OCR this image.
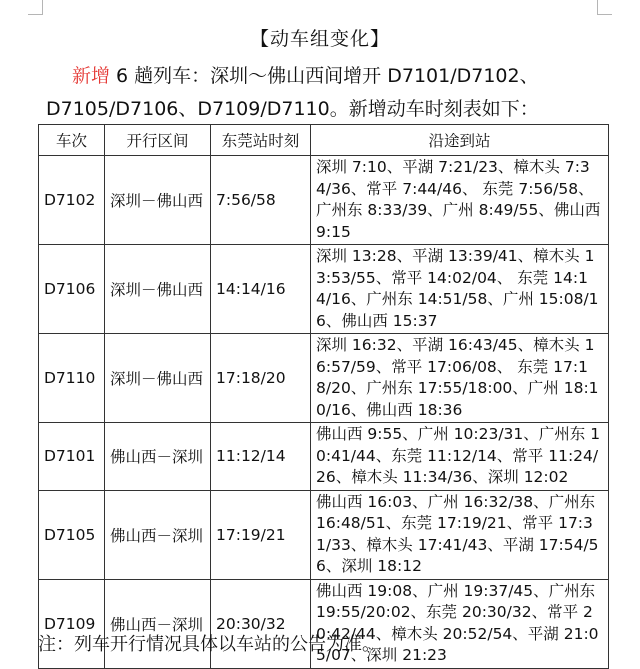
【动车组变化】
新增 6 趟列车：深圳～佛山西间增开 D7101/D7102、D7105/D7106、D7109/D7110。新增动车时刻表如下：
车次	开行区间	东莞站时刻	沿途到站
D7102	深圳－佛山西	7:56/58	深圳 7:10、平湖 7:21/23、樟木头 7:34/36、常平 7:44/46、 东莞 7:56/58、广州东 8:33/39、广州 8:49/55、佛山西 9:15
D7106	深圳－佛山西	14:14/16	深圳 13:28、平湖 13:39/41、樟木头 13:53/55、常平 14:02/04、 东莞 14:14/16、广州东 14:51/58、广州 15:08/16、佛山西 15:37
D7110	深圳－佛山西	17:18/20	深圳 16:32、平湖 16:43/45、樟木头 16:57/59、常平 17:06/08、 东莞 17:18/20、广州东 17:55/18:00、广州 18:10/16、佛山西 18:36
D7101	佛山西－深圳	11:12/14	佛山西 9:55、广州 10:23/31、广州东 10:41/44、东莞 11:12/14、常平 11:24/26、樟木头 11:34/36、深圳 12:02
D7105	佛山西－深圳	17:19/21	佛山西 16:03、广州 16:32/38、广州东 16:48/51、东莞 17:19/21、常平 17:31/33、樟木头 17:41/43、平湖 17:54/56、深圳 18:12
D7109	佛山西－深圳	20:30/32	佛山西 19:08、广州 19:37/45、广州东 19:55/20:02、东莞 20:30/32、常平 20:42/44、樟木头 20:52/54、平湖 21:05/07、深圳 21:23
注：列车开行情况具体以车站的公告为准。
